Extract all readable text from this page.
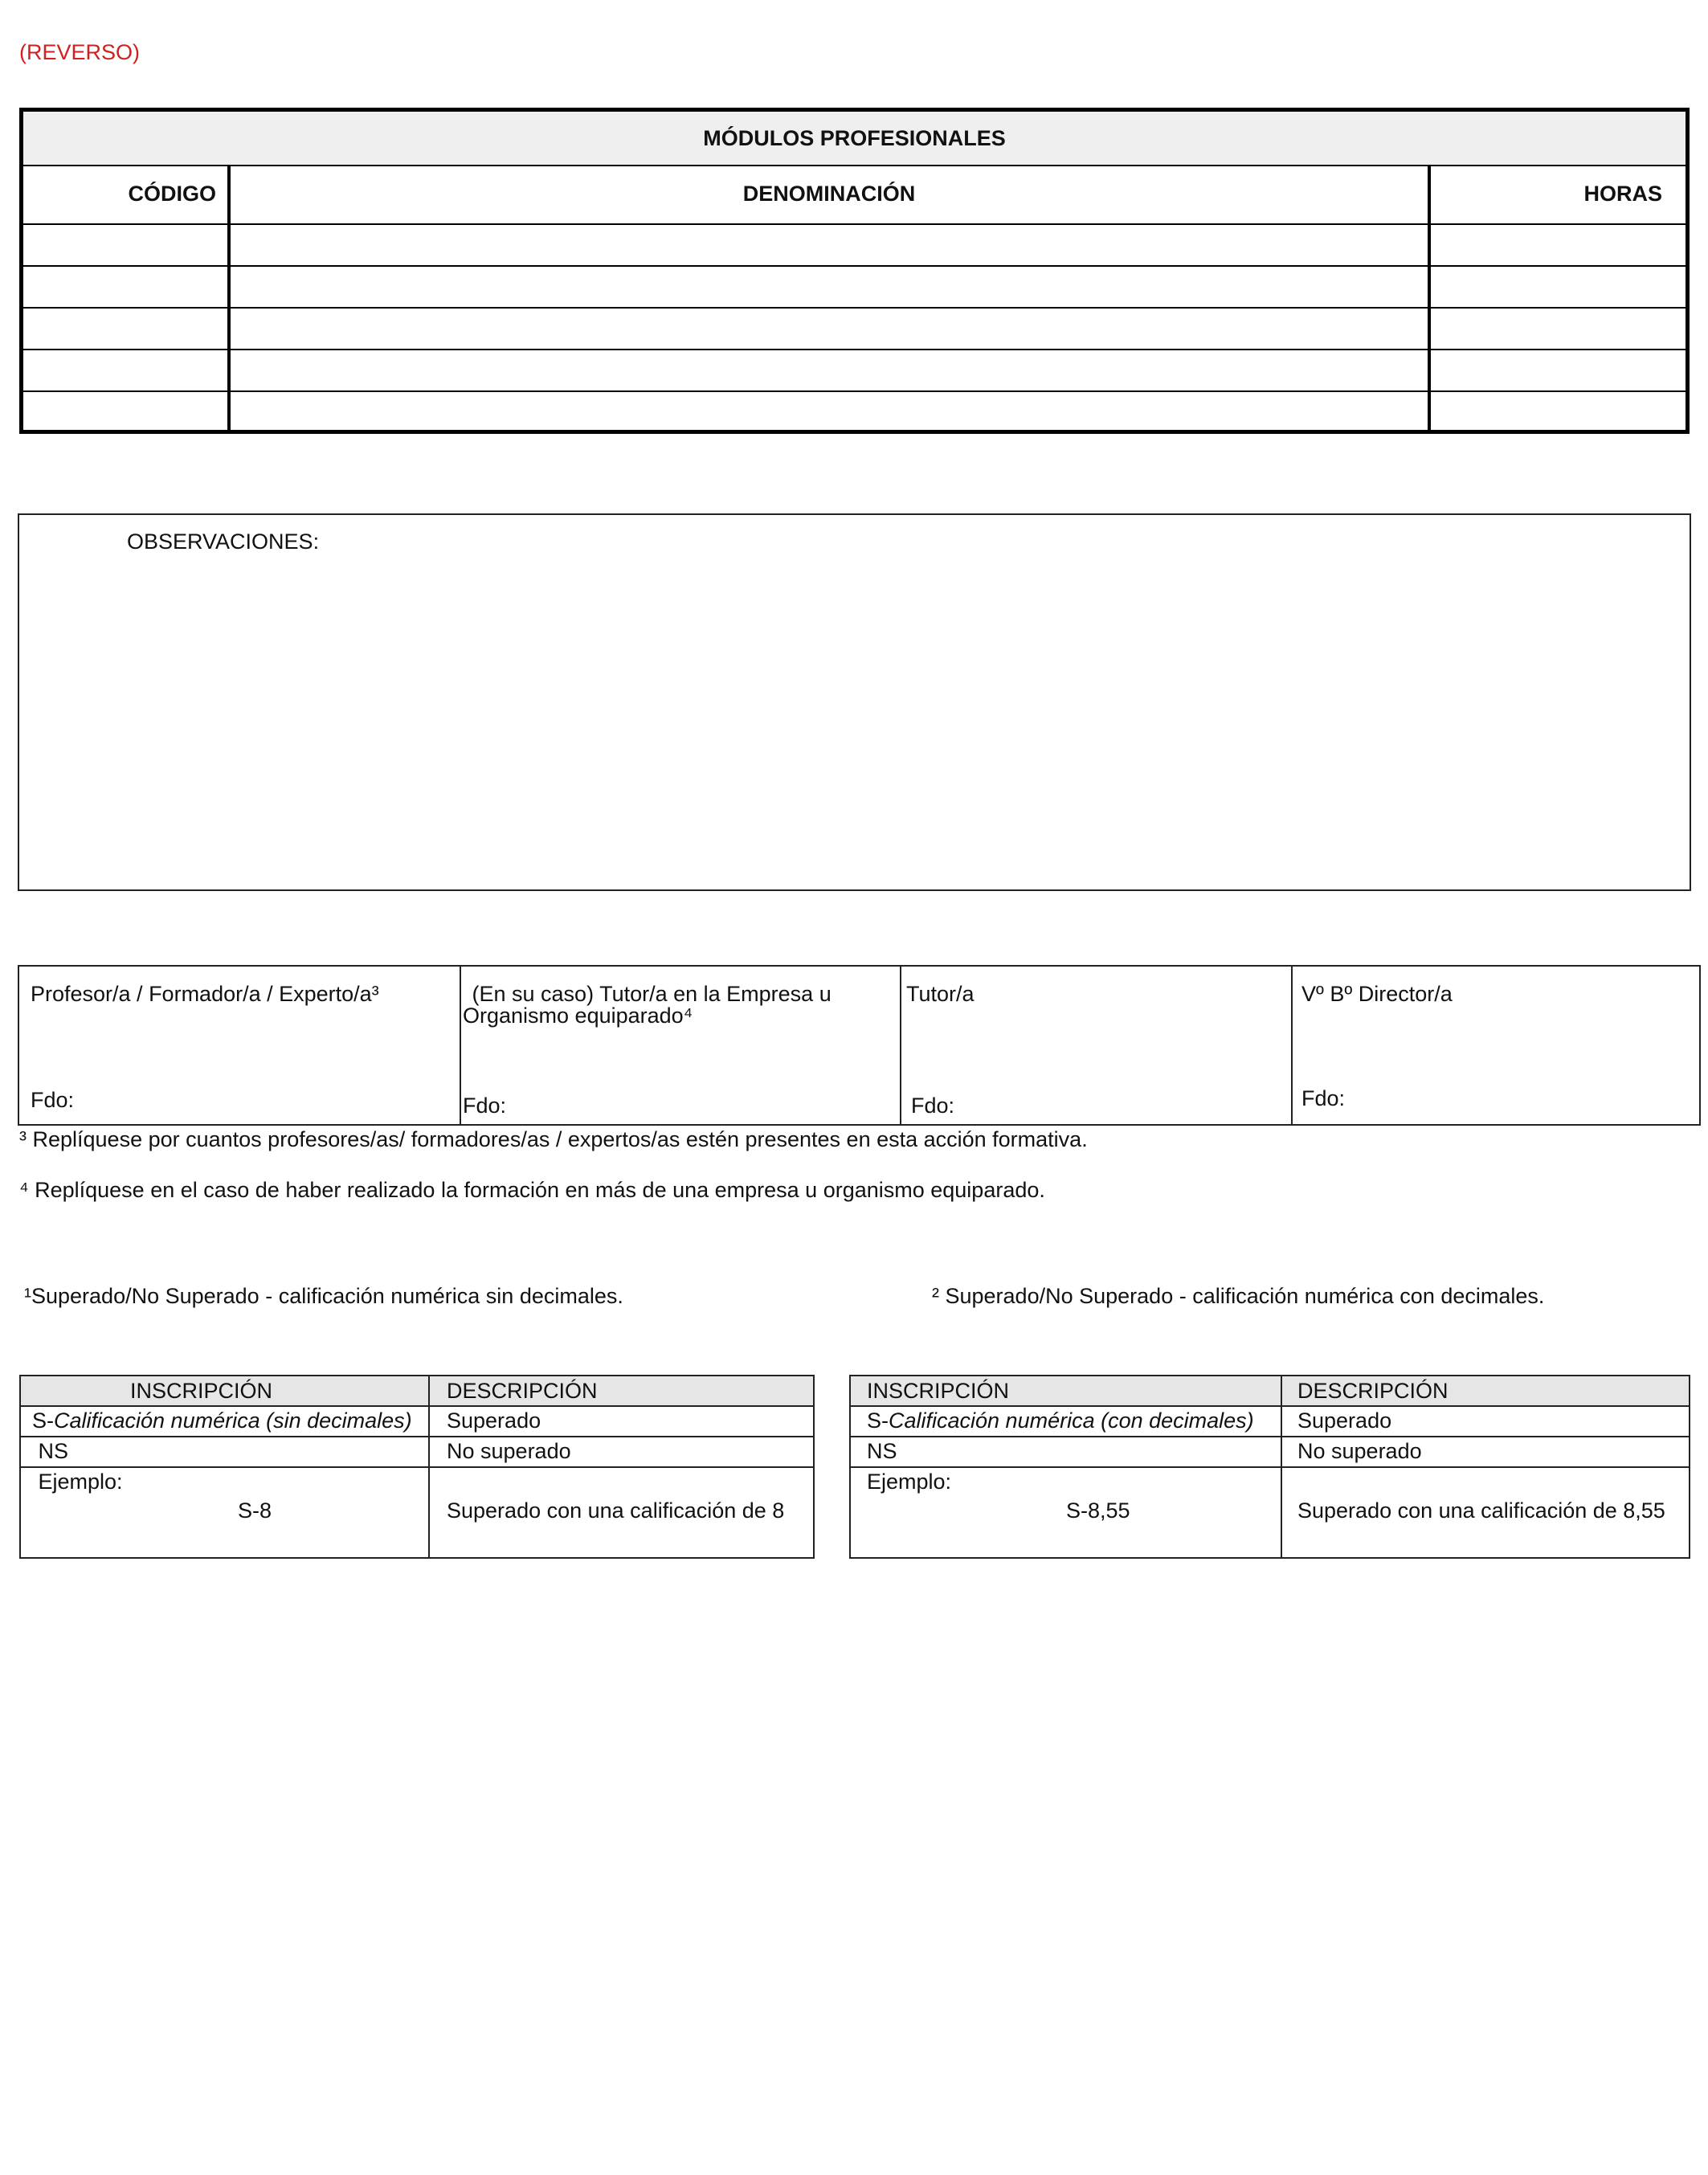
(REVERSO)
MÓDULOS PROFESIONALES
CÓDIGO	DENOMINACIÓN	HORAS
OBSERVACIONES:
Profesor/a / Formador/a / Experto/a³
Fdo:
(En su caso) Tutor/a en la Empresa u
Organismo equiparado⁴
Fdo:
Tutor/a
Fdo:
Vº Bº Director/a
Fdo:
³ Replíquese por cuantos profesores/as/ formadores/as / expertos/as estén presentes en esta acción formativa.
⁴ Replíquese en el caso de haber realizado la formación en más de una empresa u organismo equiparado.
¹Superado/No Superado - calificación numérica sin decimales.	² Superado/No Superado - calificación numérica con decimales.
INSCRIPCIÓN	DESCRIPCIÓN
S-Calificación numérica (sin decimales) Superado
NS	No superado
Ejemplo:
S-8	Superado con una calificación de 8
INSCRIPCIÓN	DESCRIPCIÓN
S-Calificación numérica (con decimales) Superado
NS	No superado
Ejemplo:
S-8,55	Superado con una calificación de 8,55
